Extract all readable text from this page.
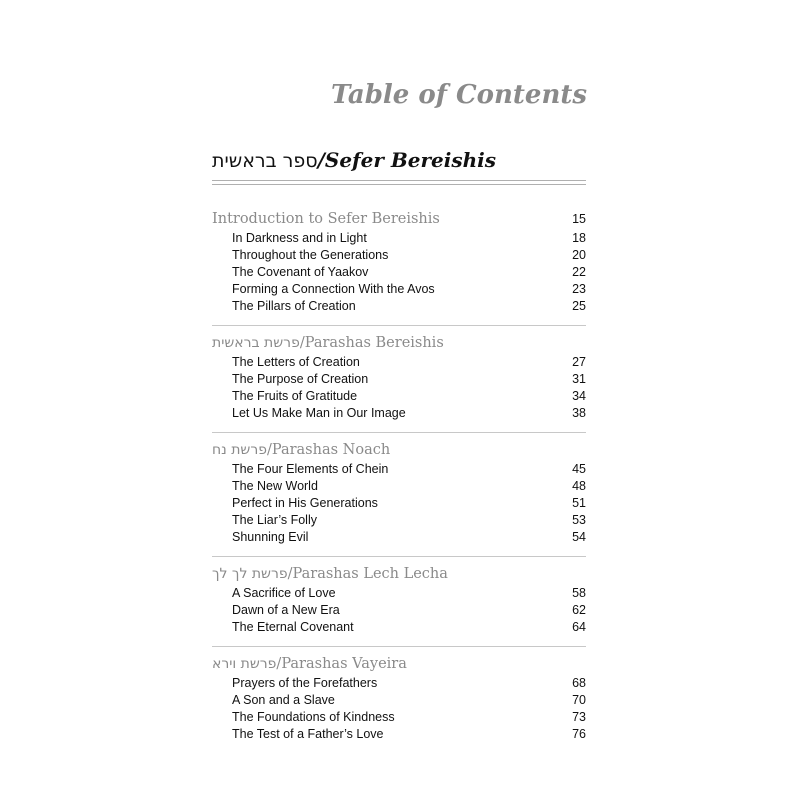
Table of Contents
ספר בראשית/Sefer Bereishis
Introduction to Sefer Bereishis	15
In Darkness and in Light	18
Throughout the Generations	20
The Covenant of Yaakov	22
Forming a Connection With the Avos	23
The Pillars of Creation	25
פרשת בראשית/Parashas Bereishis
The Letters of Creation	27
The Purpose of Creation	31
The Fruits of Gratitude	34
Let Us Make Man in Our Image	38
פרשת נח/Parashas Noach
The Four Elements of Chein	45
The New World	48
Perfect in His Generations	51
The Liar’s Folly	53
Shunning Evil	54
פרשת לך לך/Parashas Lech Lecha
A Sacrifice of Love	58
Dawn of a New Era	62
The Eternal Covenant	64
פרשת וירא/Parashas Vayeira
Prayers of the Forefathers	68
A Son and a Slave	70
The Foundations of Kindness	73
The Test of a Father’s Love	76
